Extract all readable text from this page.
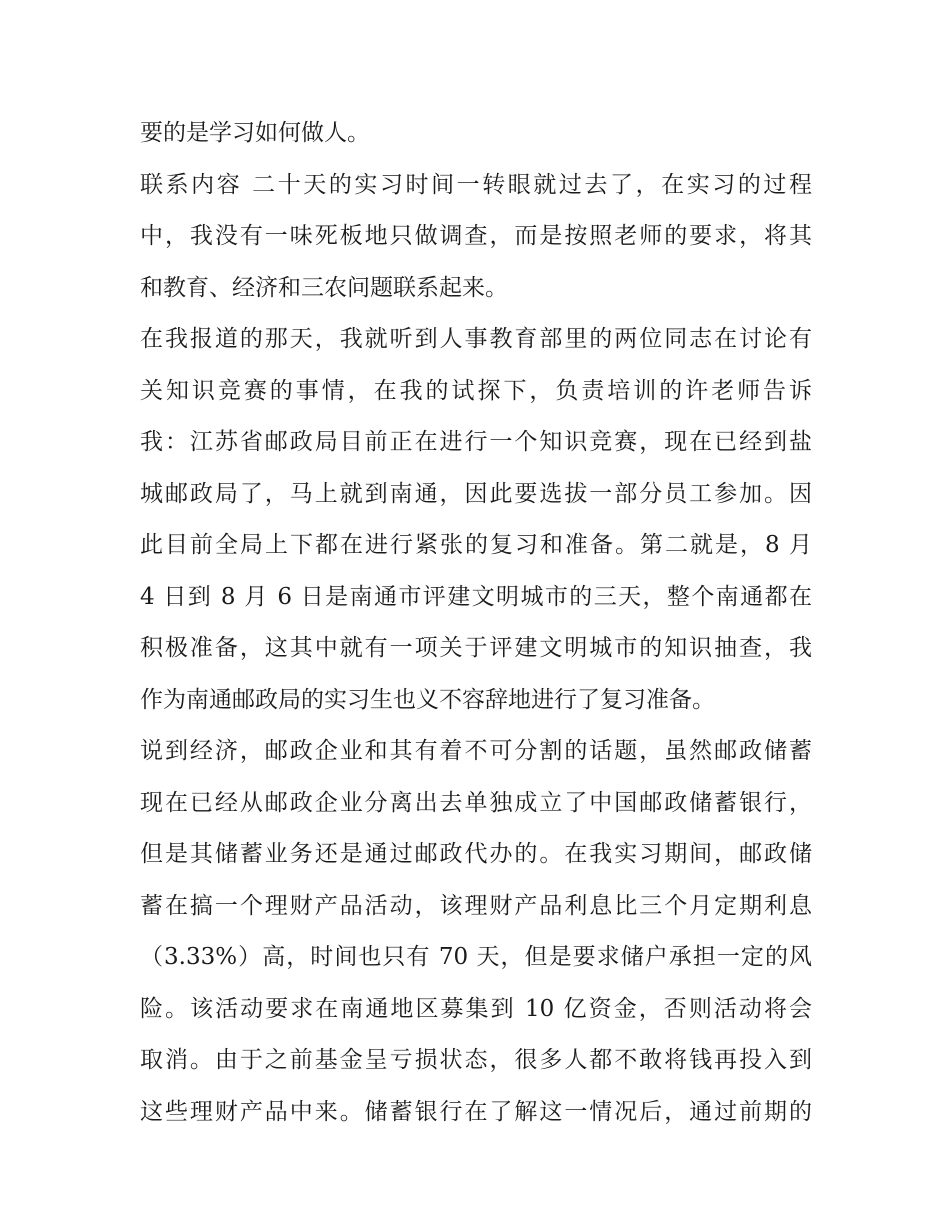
要的是学习如何做人。
联系内容 二十天的实习时间一转眼就过去了，在实习的过程
中，我没有一味死板地只做调查，而是按照老师的要求，将其
和教育、经济和三农问题联系起来。
在我报道的那天，我就听到人事教育部里的两位同志在讨论有
关知识竞赛的事情，在我的试探下，负责培训的许老师告诉
我：江苏省邮政局目前正在进行一个知识竞赛，现在已经到盐
城邮政局了，马上就到南通，因此要选拔一部分员工参加。因
此目前全局上下都在进行紧张的复习和准备。第二就是，8 月
4 日到 8 月 6 日是南通市评建文明城市的三天，整个南通都在
积极准备，这其中就有一项关于评建文明城市的知识抽查，我
作为南通邮政局的实习生也义不容辞地进行了复习准备。
说到经济，邮政企业和其有着不可分割的话题，虽然邮政储蓄
现在已经从邮政企业分离出去单独成立了中国邮政储蓄银行，
但是其储蓄业务还是通过邮政代办的。在我实习期间，邮政储
蓄在搞一个理财产品活动，该理财产品利息比三个月定期利息
（3.33%）高，时间也只有 70 天，但是要求储户承担一定的风
险。该活动要求在南通地区募集到 10 亿资金，否则活动将会
取消。由于之前基金呈亏损状态，很多人都不敢将钱再投入到
这些理财产品中来。储蓄银行在了解这一情况后，通过前期的
